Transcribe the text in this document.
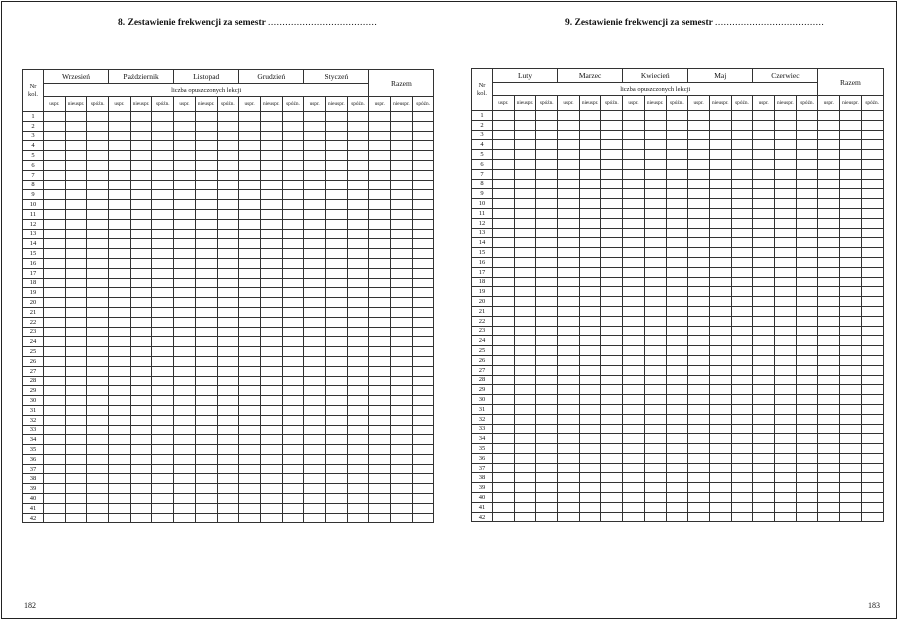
8. Zestawienie frekwencji za semestr ......................................	9. Zestawienie frekwencji za semestr ......................................
Nr
kol.	Wrzesień			Październik			Listopad			Grudzień			Styczeń			Razem		
	liczba opuszczonych lekcji																	
	uspr.	nieuspr.	spóźn.	uspr.	nieuspr.	spóźn.	uspr.	nieuspr.	spóźn.	uspr.	nieuspr.	spóźn.	uspr.	nieuspr.	spóźn.	uspr.	nieuspr.	spóźn.
1																		
2																		
3																		
4																		
5																		
6																		
7																		
8																		
9																		
10																		
11																		
12																		
13																		
14																		
15																		
16																		
17																		
18																		
19																		
20																		
21																		
22																		
23																		
24																		
25																		
26																		
27																		
28																		
29																		
30																		
31																		
32																		
33																		
34																		
35																		
36																		
37																		
38																		
39																		
40																		
41																		
42																		
Nr
kol.	Luty			Marzec			Kwiecień			Maj			Czerwiec			Razem		
	liczba opuszczonych lekcji																	
	uspr.	nieuspr.	spóźn.	uspr.	nieuspr.	spóźn.	uspr.	nieuspr.	spóźn.	uspr.	nieuspr.	spóźn.	uspr.	nieuspr.	spóźn.	uspr.	nieuspr.	spóźn.
1																		
2																		
3																		
4																		
5																		
6																		
7																		
8																		
9																		
10																		
11																		
12																		
13																		
14																		
15																		
16																		
17																		
18																		
19																		
20																		
21																		
22																		
23																		
24																		
25																		
26																		
27																		
28																		
29																		
30																		
31																		
32																		
33																		
34																		
35																		
36																		
37																		
38																		
39																		
40																		
41																		
42																		
182	183
